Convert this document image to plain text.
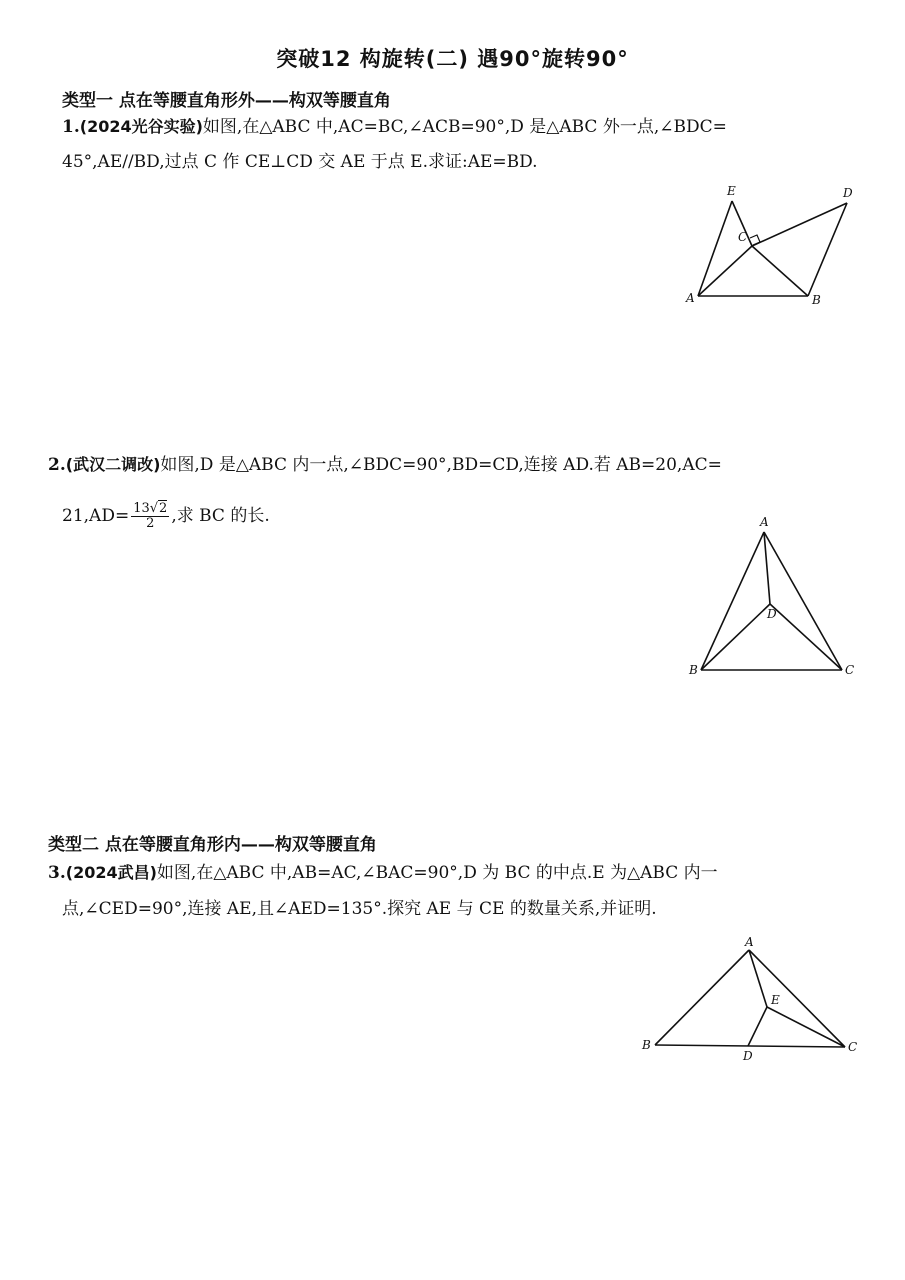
突破12 构旋转(二) 遇90°旋转90°
类型一 点在等腰直角形外——构双等腰直角
1.(2024光谷实验)如图,在△ABC 中,AC=BC,∠ACB=90°,D 是△ABC 外一点,∠BDC=
45°,AE//BD,过点 C 作 CE⊥CD 交 AE 于点 E.求证:AE=BD.
E	D
C
A	B
2.(武汉二调改)如图,D 是△ABC 内一点,∠BDC=90°,BD=CD,连接 AD.若 AB=20,AC=
$21,AD= \frac{13√2}{2}$ ,求 BC 的长.	A
D
B	C
类型二 点在等腰直角形内——构双等腰直角
3.(2024武昌)如图,在△ABC 中,AB=AC,∠BAC=90°,D 为 BC 的中点.E 为△ABC 内一
点,∠CED=90°,连接 AE,且∠AED=135°.探究 AE 与 CE 的数量关系,并证明.
A
E
B
D
C
